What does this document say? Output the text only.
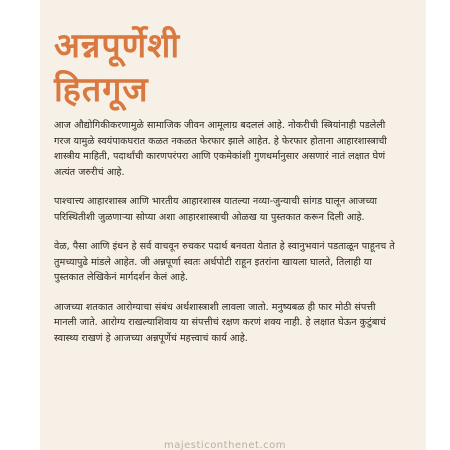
अन्नपूर्णेशी
हितगूज

आज औद्योगिकीकरणामुळे सामाजिक जीवन आमूलाग्र बदललं आहे. नोकरीची स्त्रियांनाही पडलेली गरज यामुळे स्वयंपाकघरात कळत नकळत फेरफार झाले आहेत. हे फेरफार होताना आहारशास्त्राची शास्त्रीय माहिती, पदार्थांची कारणपरंपरा आणि एकमेकांशी गुणधर्मानुसार असणारं नातं लक्षात घेणं अत्यंत जरुरीचं आहे.

पाश्चात्त्य आहारशास्त्र आणि भारतीय आहारशास्त्र यातल्या नव्या-जुन्याची सांगड घालून आजच्या परिस्थितीशी जुळणाऱ्या सोप्या अशा आहारशास्त्राची ओळख या पुस्तकात करून दिली आहे.

वेळ, पैसा आणि इंधन हे सर्व वाचवून रुचकर पदार्थ बनवता येतात हे स्वानुभवानं पडताळून पाहूनच ते तुमच्यापुढे मांडले आहेत. जी अन्नपूर्णा स्वतः अर्धपोटी राहून इतरांना खायला घालते, तिलाही या पुस्तकात लेखिकेनं मार्गदर्शन केलं आहे.

आजच्या शतकात आरोग्याचा संबंध अर्थशास्त्राशी लावला जातो. मनुष्यबळ ही फार मोठी संपत्ती मानली जाते. आरोग्य राखल्याशिवाय या संपत्तीचं रक्षण करणं शक्य नाही. हे लक्षात घेऊन कुटुंबाचं स्वास्थ्य राखणं हे आजच्या अन्नपूर्णेचं महत्त्वाचं कार्य आहे.

majesticonthenet.com
